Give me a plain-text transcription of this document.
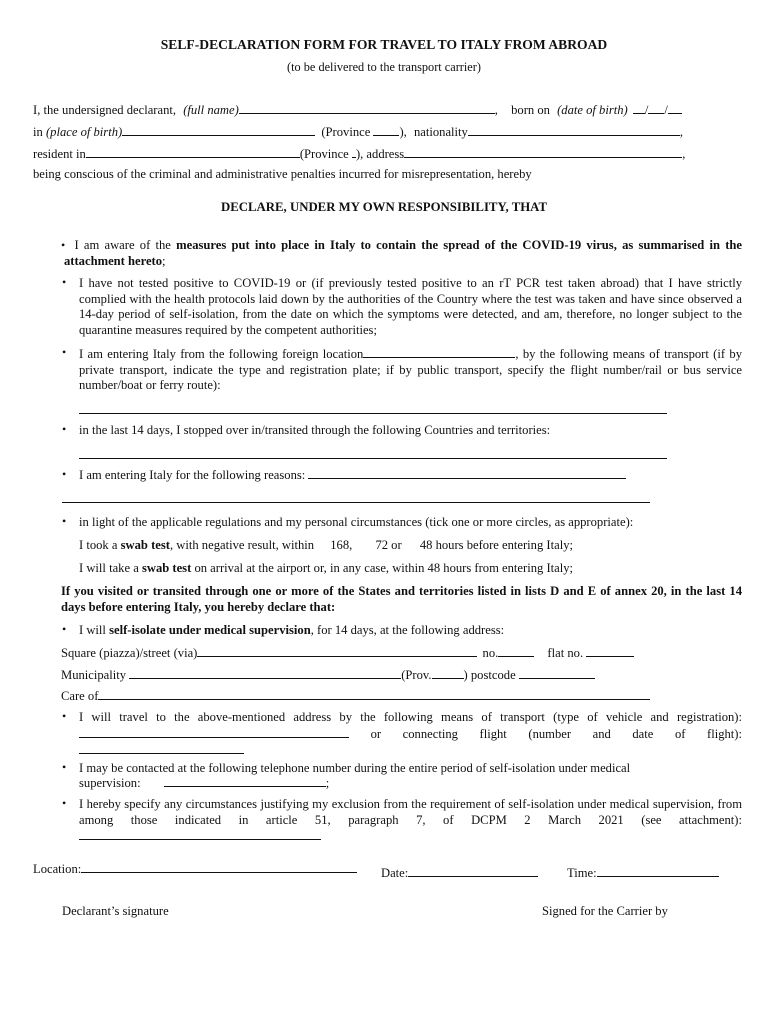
SELF-DECLARATION FORM FOR TRAVEL TO ITALY FROM ABROAD
(to be delivered to the transport carrier)
I, the undersigned declarant, (full name)	, born on (date of birth) / /
in (place of birth)	(Province ), nationality	,
resident in	(Province ), address	,
being conscious of the criminal and administrative penalties incurred for misrepresentation, hereby
DECLARE, UNDER MY OWN RESPONSIBILITY, THAT
• I am aware of the measures put into place in Italy to contain the spread of the COVID-19 virus, as summarised in the attachment hereto;
• I have not tested positive to COVID-19 or (if previously tested positive to an rT PCR test taken abroad) that I have strictly complied with the health protocols laid down by the authorities of the Country where the test was taken and have since observed a 14-day period of self-isolation, from the date on which the symptoms were detected, and am, therefore, no longer subject to the quarantine measures required by the competent authorities;
• I am entering Italy from the following foreign location	, by the following means of transport (if by private transport, indicate the type and registration plate; if by public transport, specify the flight number/rail or bus service number/boat or ferry route):
• in the last 14 days, I stopped over in/transited through the following Countries and territories:
• I am entering Italy for the following reasons:
• in light of the applicable regulations and my personal circumstances (tick one or more circles, as appropriate):
I took a swab test, with negative result, within 168, 72 or 48 hours before entering Italy;
I will take a swab test on arrival at the airport or, in any case, within 48 hours from entering Italy;
If you visited or transited through one or more of the States and territories listed in lists D and E of annex 20, in the last 14 days before entering Italy, you hereby declare that:
• I will self-isolate under medical supervision, for 14 days, at the following address:
Square (piazza)/street (via)	no.	flat no.
Municipality	(Prov.	) postcode
Care of
• I will travel to the above-mentioned address by the following means of transport (type of vehicle and registration):  or connecting flight (number and date of flight):
• I may be contacted at the following telephone number during the entire period of self-isolation under medical
supervision:	;
• I hereby specify any circumstances justifying my exclusion from the requirement of self-isolation under medical supervision, from among those indicated in article 51, paragraph 7, of DCPM 2 March 2021 (see attachment):
Location:	Date:	Time:
Declarant’s signature	Signed for the Carrier by
